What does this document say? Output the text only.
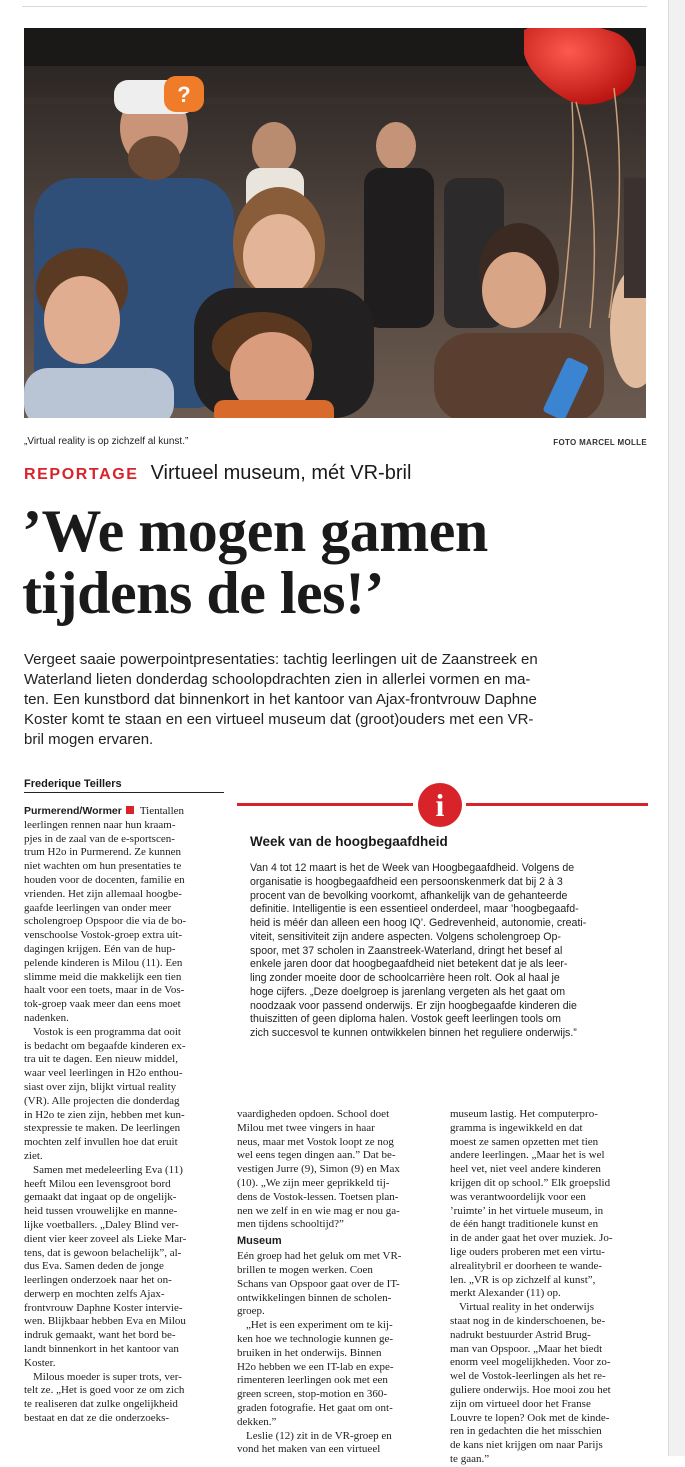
?
„Virtual reality is op zichzelf al kunst.”	FOTO MARCEL MOLLE
REPORTAGE Virtueel museum, mét VR-bril
’We mogen gamen
tijdens de les!’

Vergeet saaie powerpointpresentaties: tachtig leerlingen uit de Zaanstreek en
Waterland lieten donderdag schoolopdrachten zien in allerlei vormen en ma-
ten. Een kunstbord dat binnenkort in het kantoor van Ajax-frontvrouw Daphne
Koster komt te staan en een virtueel museum dat (groot)ouders met een VR-
bril mogen ervaren.

Frederique Teillers
i
Week van de hoogbegaafdheid

Van 4 tot 12 maart is het de Week van Hoogbegaafdheid. Volgens de
organisatie is hoogbegaafdheid een persoonskenmerk dat bij 2 à 3
procent van de bevolking voorkomt, afhankelijk van de gehanteerde
definitie. Intelligentie is een essentieel onderdeel, maar ’hoogbegaafd-
heid is méér dan alleen een hoog IQ’. Gedrevenheid, autonomie, creati-
viteit, sensitiviteit zijn andere aspecten. Volgens scholengroep Op-
spoor, met 37 scholen in Zaanstreek-Waterland, dringt het besef al
enkele jaren door dat hoogbegaafdheid niet betekent dat je als leer-
ling zonder moeite door de schoolcarrière heen rolt. Ook al haal je
hoge cijfers. „Deze doelgroep is jarenlang vergeten als het gaat om
noodzaak voor passend onderwijs. Er zijn hoogbegaafde kinderen die
thuiszitten of geen diploma halen. Vostok geeft leerlingen tools om
zich succesvol te kunnen ontwikkelen binnen het reguliere onderwijs.”

Purmerend/Wormer Tientallen
leerlingen rennen naar hun kraam-
pjes in de zaal van de e-sportscen-
trum H2o in Purmerend. Ze kunnen
niet wachten om hun presentaties te
houden voor de docenten, familie en
vrienden. Het zijn allemaal hoogbe-
gaafde leerlingen van onder meer
scholengroep Opspoor die via de bo-
venschoolse Vostok-groep extra uit-
dagingen krijgen. Eén van de hup-
pelende kinderen is Milou (11). Een
slimme meid die makkelijk een tien
haalt voor een toets, maar in de Vos-
tok-groep vaak meer dan eens moet
nadenken.

Vostok is een programma dat ooit
is bedacht om begaafde kinderen ex-
tra uit te dagen. Een nieuw middel,
waar veel leerlingen in H2o enthou-
siast over zijn, blijkt virtual reality
(VR). Alle projecten die donderdag
in H2o te zien zijn, hebben met kun-
stexpressie te maken. De leerlingen
mochten zelf invullen hoe dat eruit
ziet.

Samen met medeleerling Eva (11)
heeft Milou een levensgroot bord
gemaakt dat ingaat op de ongelijk-
heid tussen vrouwelijke en manne-
lijke voetballers. „Daley Blind ver-
dient vier keer zoveel als Lieke Mar-
tens, dat is gewoon belachelijk”, al-
dus Eva. Samen deden de jonge
leerlingen onderzoek naar het on-
derwerp en mochten zelfs Ajax-
frontvrouw Daphne Koster intervie-
wen. Blijkbaar hebben Eva en Milou
indruk gemaakt, want het bord be-
landt binnenkort in het kantoor van
Koster.

Milous moeder is super trots, ver-
telt ze. „Het is goed voor ze om zich
te realiseren dat zulke ongelijkheid
bestaat en dat ze die onderzoeks-

vaardigheden opdoen. School doet
Milou met twee vingers in haar
neus, maar met Vostok loopt ze nog
wel eens tegen dingen aan.” Dat be-
vestigen Jurre (9), Simon (9) en Max
(10). „We zijn meer geprikkeld tij-
dens de Vostok-lessen. Toetsen plan-
nen we zelf in en wie mag er nou ga-
men tijdens schooltijd?”

Museum

Eén groep had het geluk om met VR-
brillen te mogen werken. Coen
Schans van Opspoor gaat over de IT-
ontwikkelingen binnen de scholen-
groep.

„Het is een experiment om te kij-
ken hoe we technologie kunnen ge-
bruiken in het onderwijs. Binnen
H2o hebben we een IT-lab en expe-
rimenteren leerlingen ook met een
green screen, stop-motion en 360-
graden fotografie. Het gaat om ont-
dekken.”

Leslie (12) zit in de VR-groep en
vond het maken van een virtueel

museum lastig. Het computerpro-
gramma is ingewikkeld en dat
moest ze samen opzetten met tien
andere leerlingen. „Maar het is wel
heel vet, niet veel andere kinderen
krijgen dit op school.” Elk groepslid
was verantwoordelijk voor een
’ruimte’ in het virtuele museum, in
de één hangt traditionele kunst en
in de ander gaat het over muziek. Jo-
lige ouders proberen met een virtu-
alrealitybril er doorheen te wande-
len. „VR is op zichzelf al kunst”,
merkt Alexander (11) op.

Virtual reality in het onderwijs
staat nog in de kinderschoenen, be-
nadrukt bestuurder Astrid Brug-
man van Opspoor. „Maar het biedt
enorm veel mogelijkheden. Voor zo-
wel de Vostok-leerlingen als het re-
guliere onderwijs. Hoe mooi zou het
zijn om virtueel door het Franse
Louvre te lopen? Ook met de kinde-
ren in gedachten die het misschien
de kans niet krijgen om naar Parijs
te gaan.”
